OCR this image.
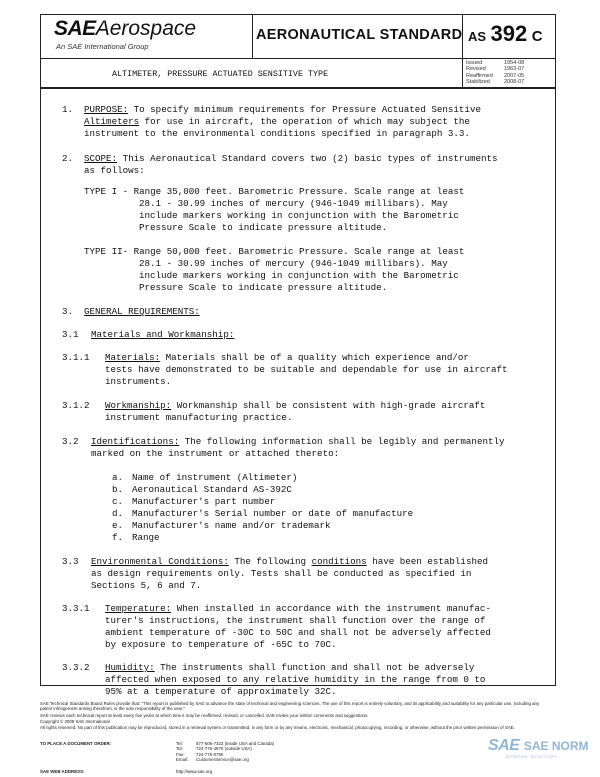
SAEAerospace
An SAE International Group
AERONAUTICAL STANDARD AS 392 C
ALTIMETER, PRESSURE ACTUATED SENSITIVE TYPE
Issued	1954-08
Revised	1963-07
Reaffirmed 2007-05
Stabilized	2008-07
1. PURPOSE: To specify minimum requirements for Pressure Actuated Sensitive
Altimeters for use in aircraft, the operation of which may subject the
instrument to the environmental conditions specified in paragraph 3.3.
2. SCOPE: This Aeronautical Standard covers two (2) basic types of instruments
as follows:
TYPE I - Range 35,000 feet. Barometric Pressure. Scale range at least
28.1 - 30.99 inches of mercury (946-1049 millibars). May
include markers working in conjunction with the Barometric
Pressure Scale to indicate pressure altitude.
TYPE II- Range 50,000 feet. Barometric Pressure. Scale range at least
28.1 - 30.99 inches of mercury (946-1049 millibars). May
include markers working in conjunction with the Barometric
Pressure Scale to indicate pressure altitude.
3. GENERAL REQUIREMENTS:
3.1 Materials and Workmanship:
3.1.1 Materials: Materials shall be of a quality which experience and/or
tests have demonstrated to be suitable and dependable for use in aircraft
instruments.
3.1.2 Workmanship: Workmanship shall be consistent with high-grade aircraft
instrument manufacturing practice.
3.2 Identifications: The following information shall be legibly and permanently
marked on the instrument or attached thereto:
a. Name of instrument (Altimeter)
b. Aeronautical Standard AS-392C
c. Manufacturer's part number
d. Manufacturer's Serial number or date of manufacture
e. Manufacturer's name and/or trademark
f. Range
3.3 Environmental Conditions: The following conditions have been established
as design requirements only. Tests shall be conducted as specified in
Sections 5, 6 and 7.
3.3.1 Temperature: When installed in accordance with the instrument manufac-
turer's instructions, the instrument shall function over the range of
ambient temperature of -30C to 50C and shall not be adversely affected
by exposure to temperature of -65C to 70C.
3.3.2 Humidity: The instruments shall function and shall not be adversely
affected when exposed to any relative humidity in the range from 0 to
95% at a temperature of approximately 32C.
SAE Technical Standards Board Rules provide that: "This report is published by SAE to advance the state of technical and engineering sciences. The use of this report is entirely voluntary, and its applicability and suitability for any particular use, including any patent infringement arising therefrom, is the sole responsibility of the user."
SAE reviews each technical report at least every five years at which time it may be reaffirmed, revised, or cancelled. SAE invites your written comments and suggestions.
Copyright © 2008 SAE International
All rights reserved. No part of this publication may be reproduced, stored in a retrieval system or transmitted, in any form or by any means, electronic, mechanical, photocopying, recording, or otherwise, without the prior written permission of SAE.
TO PLACE A DOCUMENT ORDER:	Tel:	877-606-7323 (inside USA and Canada)
Tel:	724-776-4970 (outside USA)
Fax:	724-776-0790
Email: CustomerService@sae.org
SAE WEB ADDRESS:	http://www.sae.org
SAE SAE NORM
ATTENTION · DO NOT COPY
